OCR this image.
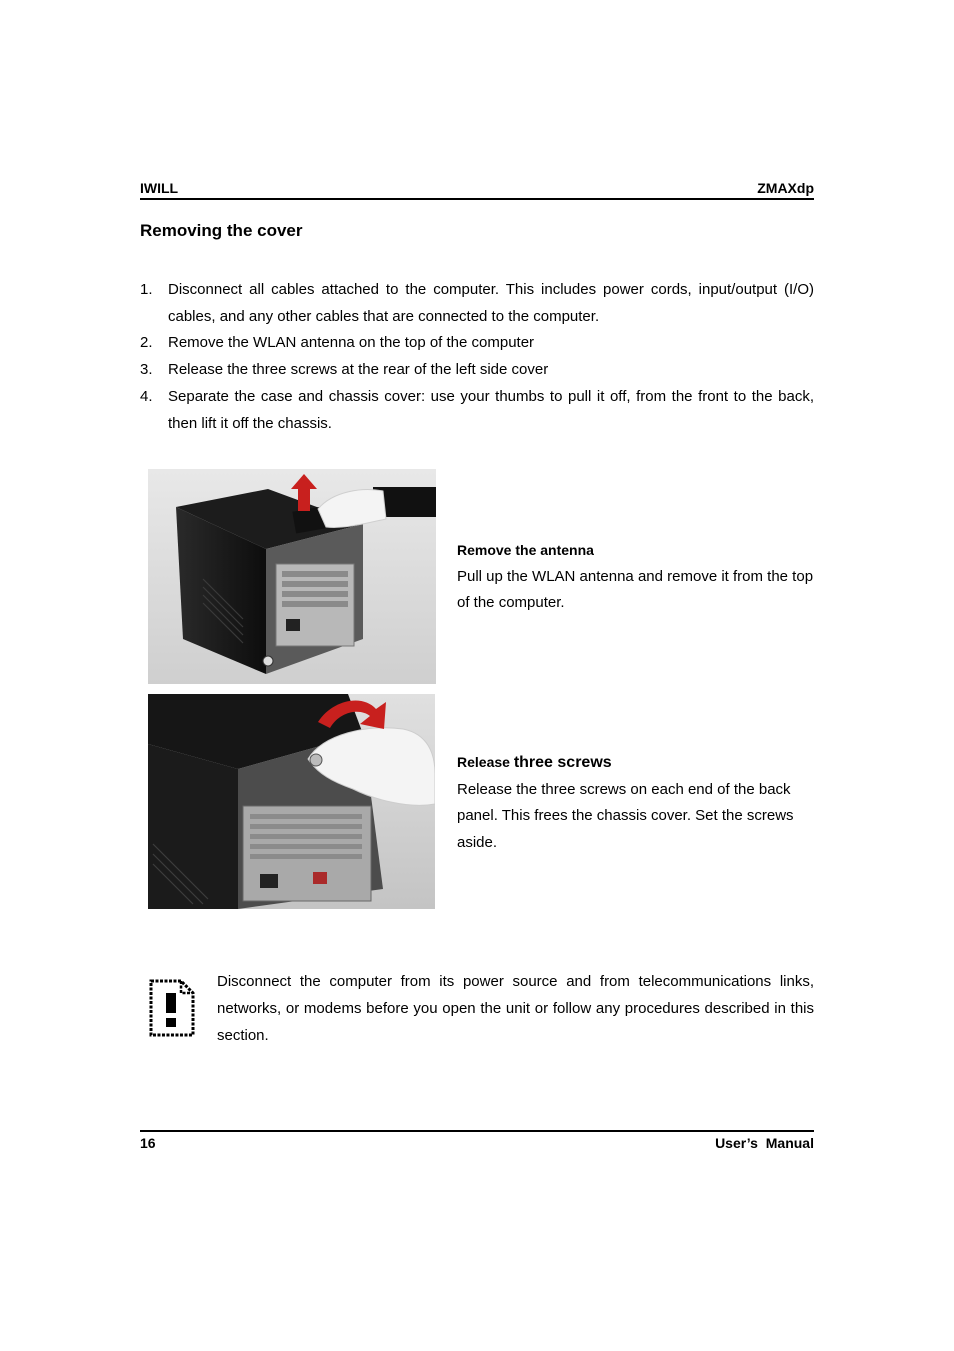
IWILL	ZMAXdp
Removing the cover
1. Disconnect all cables attached to the computer. This includes power cords, input/output (I/O) cables, and any other cables that are connected to the computer.
2. Remove the WLAN antenna on the top of the computer
3. Release the three screws at the rear of the left side cover
4. Separate the case and chassis cover: use your thumbs to pull it off, from the front to the back, then lift it off the chassis.
Remove the antenna
Pull up the WLAN antenna and remove it from the top of the computer.
Release three screws
Release the three screws on each end of the back panel. This frees the chassis cover. Set the screws aside.
Disconnect the computer from its power source and from telecommunications links, networks, or modems before you open the unit or follow any procedures described in this section.
16	User’s Manual
